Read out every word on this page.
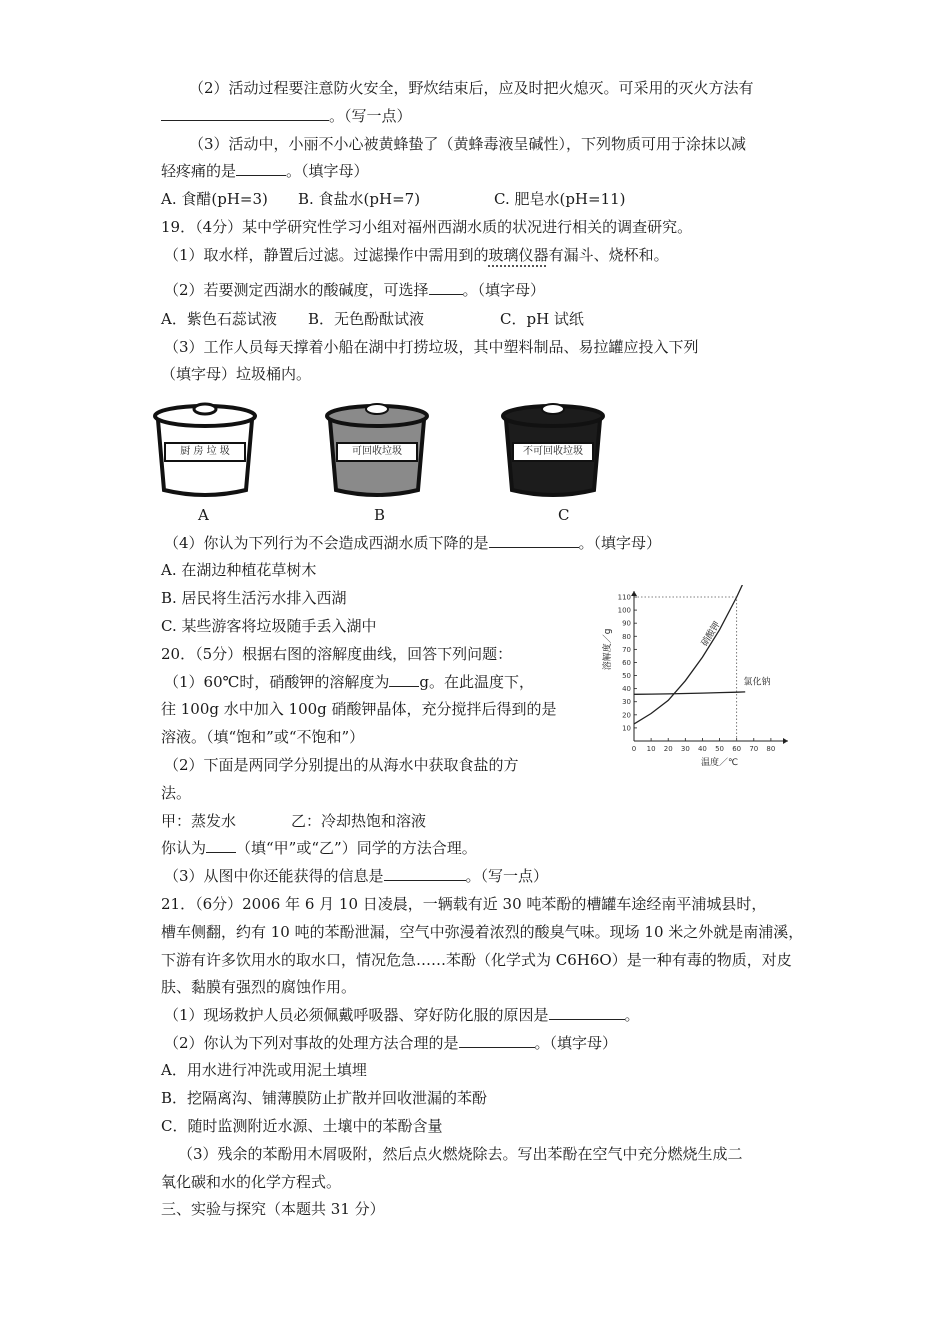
（2）活动过程要注意防火安全，野炊结束后，应及时把火熄灭。可采用的灭火方法有
。（写一点）
（3）活动中，小丽不小心被黄蜂蛰了（黄蜂毒液呈碱性），下列物质可用于涂抹以减
轻疼痛的是	。（填字母）
A. 食醋(pH=3) B. 食盐水(pH=7)	C. 肥皂水(pH=11)
19．（4分）某中学研究性学习小组对福州西湖水质的状况进行相关的调查研究。
（1）取水样，静置后过滤。过滤操作中需用到的玻璃仪器有漏斗、烧杯和。
（2）若要测定西湖水的酸碱度，可选择 。（填字母）
A．紫色石蕊试液 B．无色酚酞试液	C．pH 试纸
（3）工作人员每天撑着小船在湖中打捞垃圾，其中塑料制品、易拉罐应投入下列
（填字母）垃圾桶内。
厨 房 垃 圾	可回收垃圾	不可回收垃圾
A	B	C
（4）你认为下列行为不会造成西湖水质下降的是	。（填字母）
A. 在湖边种植花草树木
B. 居民将生活污水排入西湖
C. 某些游客将垃圾随手丢入湖中
20．（5分）根据右图的溶解度曲线，回答下列问题：
（1）60℃时，硝酸钾的溶解度为 g。在此温度下，
往 100g 水中加入 100g 硝酸钾晶体，充分搅拌后得到的是
溶液。（填“饱和”或“不饱和”）
（2）下面是两同学分别提出的从海水中获取食盐的方
法。
甲：蒸发水	乙：冷却热饱和溶液
你认为 （填“甲”或“乙”）同学的方法合理。
（3）从图中你还能获得的信息是	。（写一点）
0 10 20 30 40 50 60 70 80
10
20
30
40
50
60
70
80
90
100
110
硝酸钾
氯化钠
溶解度／g
温度／℃
21．（6分）2006 年 6 月 10 日凌晨，一辆载有近 30 吨苯酚的槽罐车途经南平浦城县时，
槽车侧翻，约有 10 吨的苯酚泄漏，空气中弥漫着浓烈的酸臭气味。现场 10 米之外就是南浦溪，
下游有许多饮用水的取水口，情况危急……苯酚（化学式为 C6H6O）是一种有毒的物质，对皮
肤、黏膜有强烈的腐蚀作用。
（1）现场救护人员必须佩戴呼吸器、穿好防化服的原因是	。
（2）你认为下列对事故的处理方法合理的是	。（填字母）
A．用水进行冲洗或用泥土填埋
B．挖隔离沟、铺薄膜防止扩散并回收泄漏的苯酚
C．随时监测附近水源、土壤中的苯酚含量
（3）残余的苯酚用木屑吸附，然后点火燃烧除去。写出苯酚在空气中充分燃烧生成二
氧化碳和水的化学方程式。
三、实验与探究（本题共 31 分）
